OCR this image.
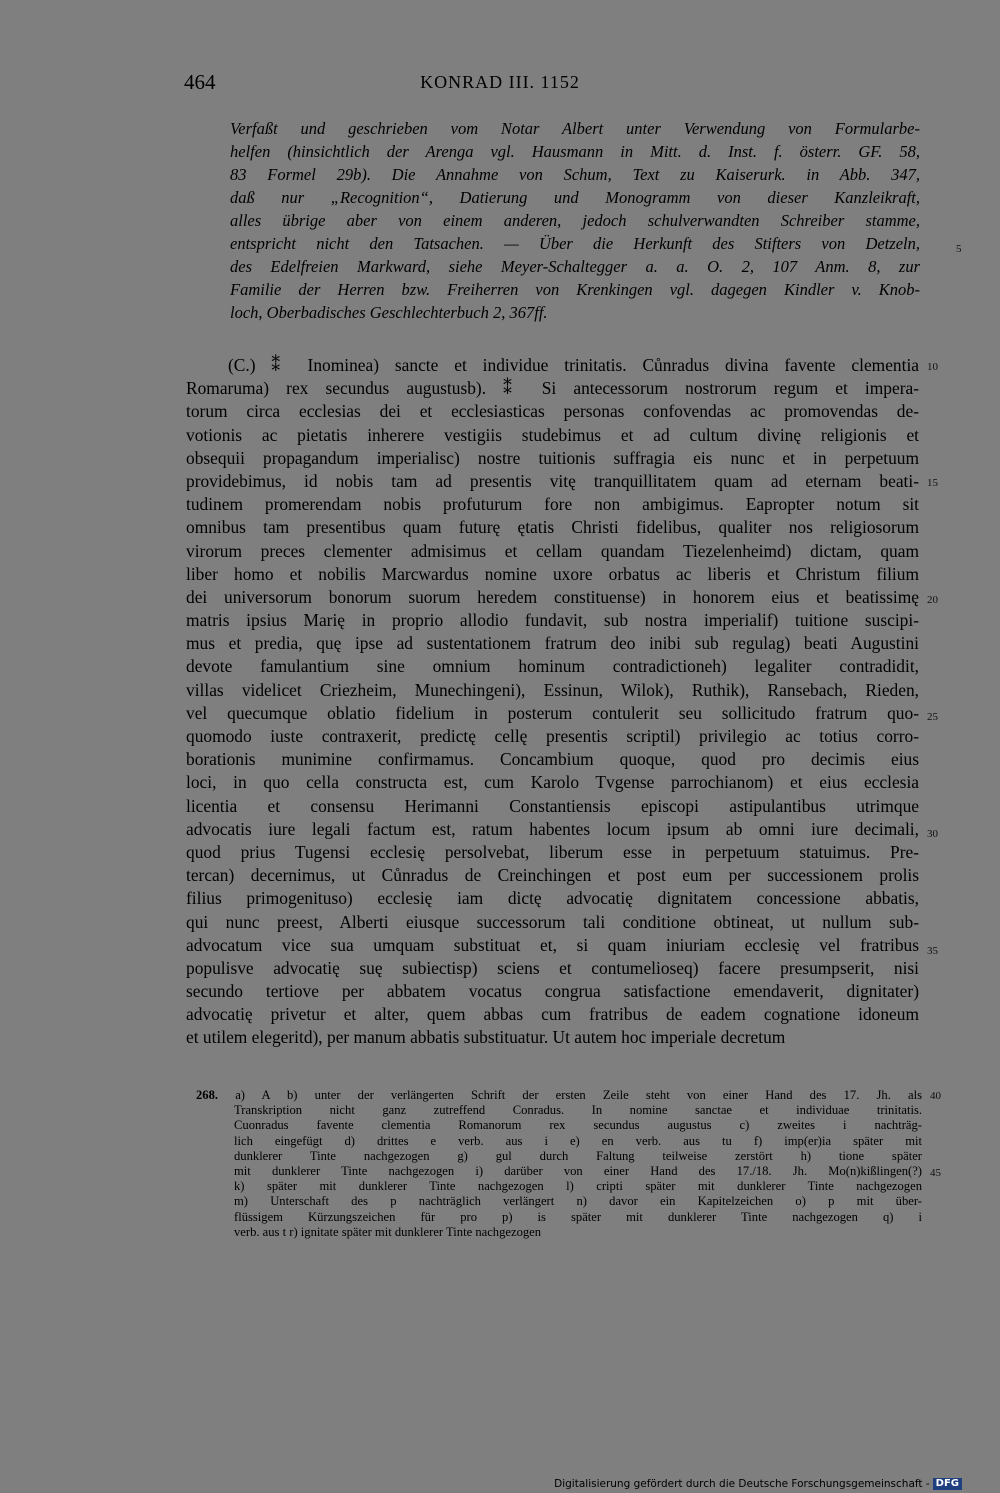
464	KONRAD III. 1152
Verfaßt und geschrieben vom Notar Albert unter Verwendung von Formularbe-
helfen (hinsichtlich der Arenga vgl. Hausmann in Mitt. d. Inst. f. österr. GF. 58,
83 Formel 29b). Die Annahme von Schum, Text zu Kaiserurk. in Abb. 347,
daß nur „Recognition“, Datierung und Monogramm von dieser Kanzleikraft,
alles übrige aber von einem anderen, jedoch schulverwandten Schreiber stamme,
entspricht nicht den Tatsachen. — Über die Herkunft des Stifters von Detzeln,
des Edelfreien Markward, siehe Meyer-Schaltegger a. a. O. 2, 107 Anm. 8, zur
Familie der Herren bzw. Freiherren von Krenkingen vgl. dagegen Kindler v. Knob-
loch, Oberbadisches Geschlechterbuch 2, 367ff.
(C.) ⁑ Inominea) sancte et individue trinitatis. Cůnradus divina favente clementia
Romaruma) rex secundus augustusb). ⁑ Si antecessorum nostrorum regum et impera-
torum circa ecclesias dei et ecclesiasticas personas confovendas ac promovendas de-
votionis ac pietatis inherere vestigiis studebimus et ad cultum divinę religionis et
obsequii propagandum imperialisc) nostre tuitionis suffragia eis nunc et in perpetuum
providebimus, id nobis tam ad presentis vitę tranquillitatem quam ad eternam beati-
tudinem promerendam nobis profuturum fore non ambigimus. Eapropter notum sit
omnibus tam presentibus quam futurę ętatis Christi fidelibus, qualiter nos religiosorum
virorum preces clementer admisimus et cellam quandam Tiezelenheimd) dictam, quam
liber homo et nobilis Marcwardus nomine uxore orbatus ac liberis et Christum filium
dei universorum bonorum suorum heredem constituense) in honorem eius et beatissimę
matris ipsius Marię in proprio allodio fundavit, sub nostra imperialif) tuitione suscipi-
mus et predia, quę ipse ad sustentationem fratrum deo inibi sub regulag) beati Augustini
devote famulantium sine omnium hominum contradictioneh) legaliter contradidit,
villas videlicet Criezheim, Munechingeni), Essinun, Wilok), Ruthik), Ransebach, Rieden,
vel quecumque oblatio fidelium in posterum contulerit seu sollicitudo fratrum quo-
quomodo iuste contraxerit, predictę cellę presentis scriptil) privilegio ac totius corro-
borationis munimine confirmamus. Concambium quoque, quod pro decimis eius
loci, in quo cella constructa est, cum Karolo Tvgense parrochianom) et eius ecclesia
licentia et consensu Herimanni Constantiensis episcopi astipulantibus utrimque
advocatis iure legali factum est, ratum habentes locum ipsum ab omni iure decimali,
quod prius Tugensi ecclesię persolvebat, liberum esse in perpetuum statuimus. Pre-
tercan) decernimus, ut Cůnradus de Creinchingen et post eum per successionem prolis
filius primogenituso) ecclesię iam dictę advocatię dignitatem concessione abbatis,
qui nunc preest, Alberti eiusque successorum tali conditione obtineat, ut nullum sub-
advocatum vice sua umquam substituat et, si quam iniuriam ecclesię vel fratribus
populisve advocatię suę subiectisp) sciens et contumelioseq) facere presumpserit, nisi
secundo tertiove per abbatem vocatus congrua satisfactione emendaverit, dignitater)
advocatię privetur et alter, quem abbas cum fratribus de eadem cognatione idoneum
et utilem elegeritd), per manum abbatis substituatur. Ut autem hoc imperiale decretum
5
10
15
20
25
30
35
40
45
268. a) A b) unter der verlängerten Schrift der ersten Zeile steht von einer Hand des 17. Jh. als
Transkription nicht ganz zutreffend Conradus. In nomine sanctae et individuae trinitatis.
Cuonradus favente clementia Romanorum rex secundus augustus c) zweites i nachträg-
lich eingefügt d) drittes e verb. aus i e) en verb. aus tu f) imp(er)ia später mit
dunklerer Tinte nachgezogen g) gul durch Faltung teilweise zerstört h) tione später
mit dunklerer Tinte nachgezogen i) darüber von einer Hand des 17./18. Jh. Mo(n)kißlingen(?)
k) später mit dunklerer Tinte nachgezogen l) cripti später mit dunklerer Tinte nachgezogen
m) Unterschaft des p nachträglich verlängert n) davor ein Kapitelzeichen o) p mit über-
flüssigem Kürzungszeichen für pro p) is später mit dunklerer Tinte nachgezogen q) i
verb. aus t r) ignitate später mit dunklerer Tinte nachgezogen
Digitalisierung gefördert durch die Deutsche Forschungsgemeinschaft - DFG
